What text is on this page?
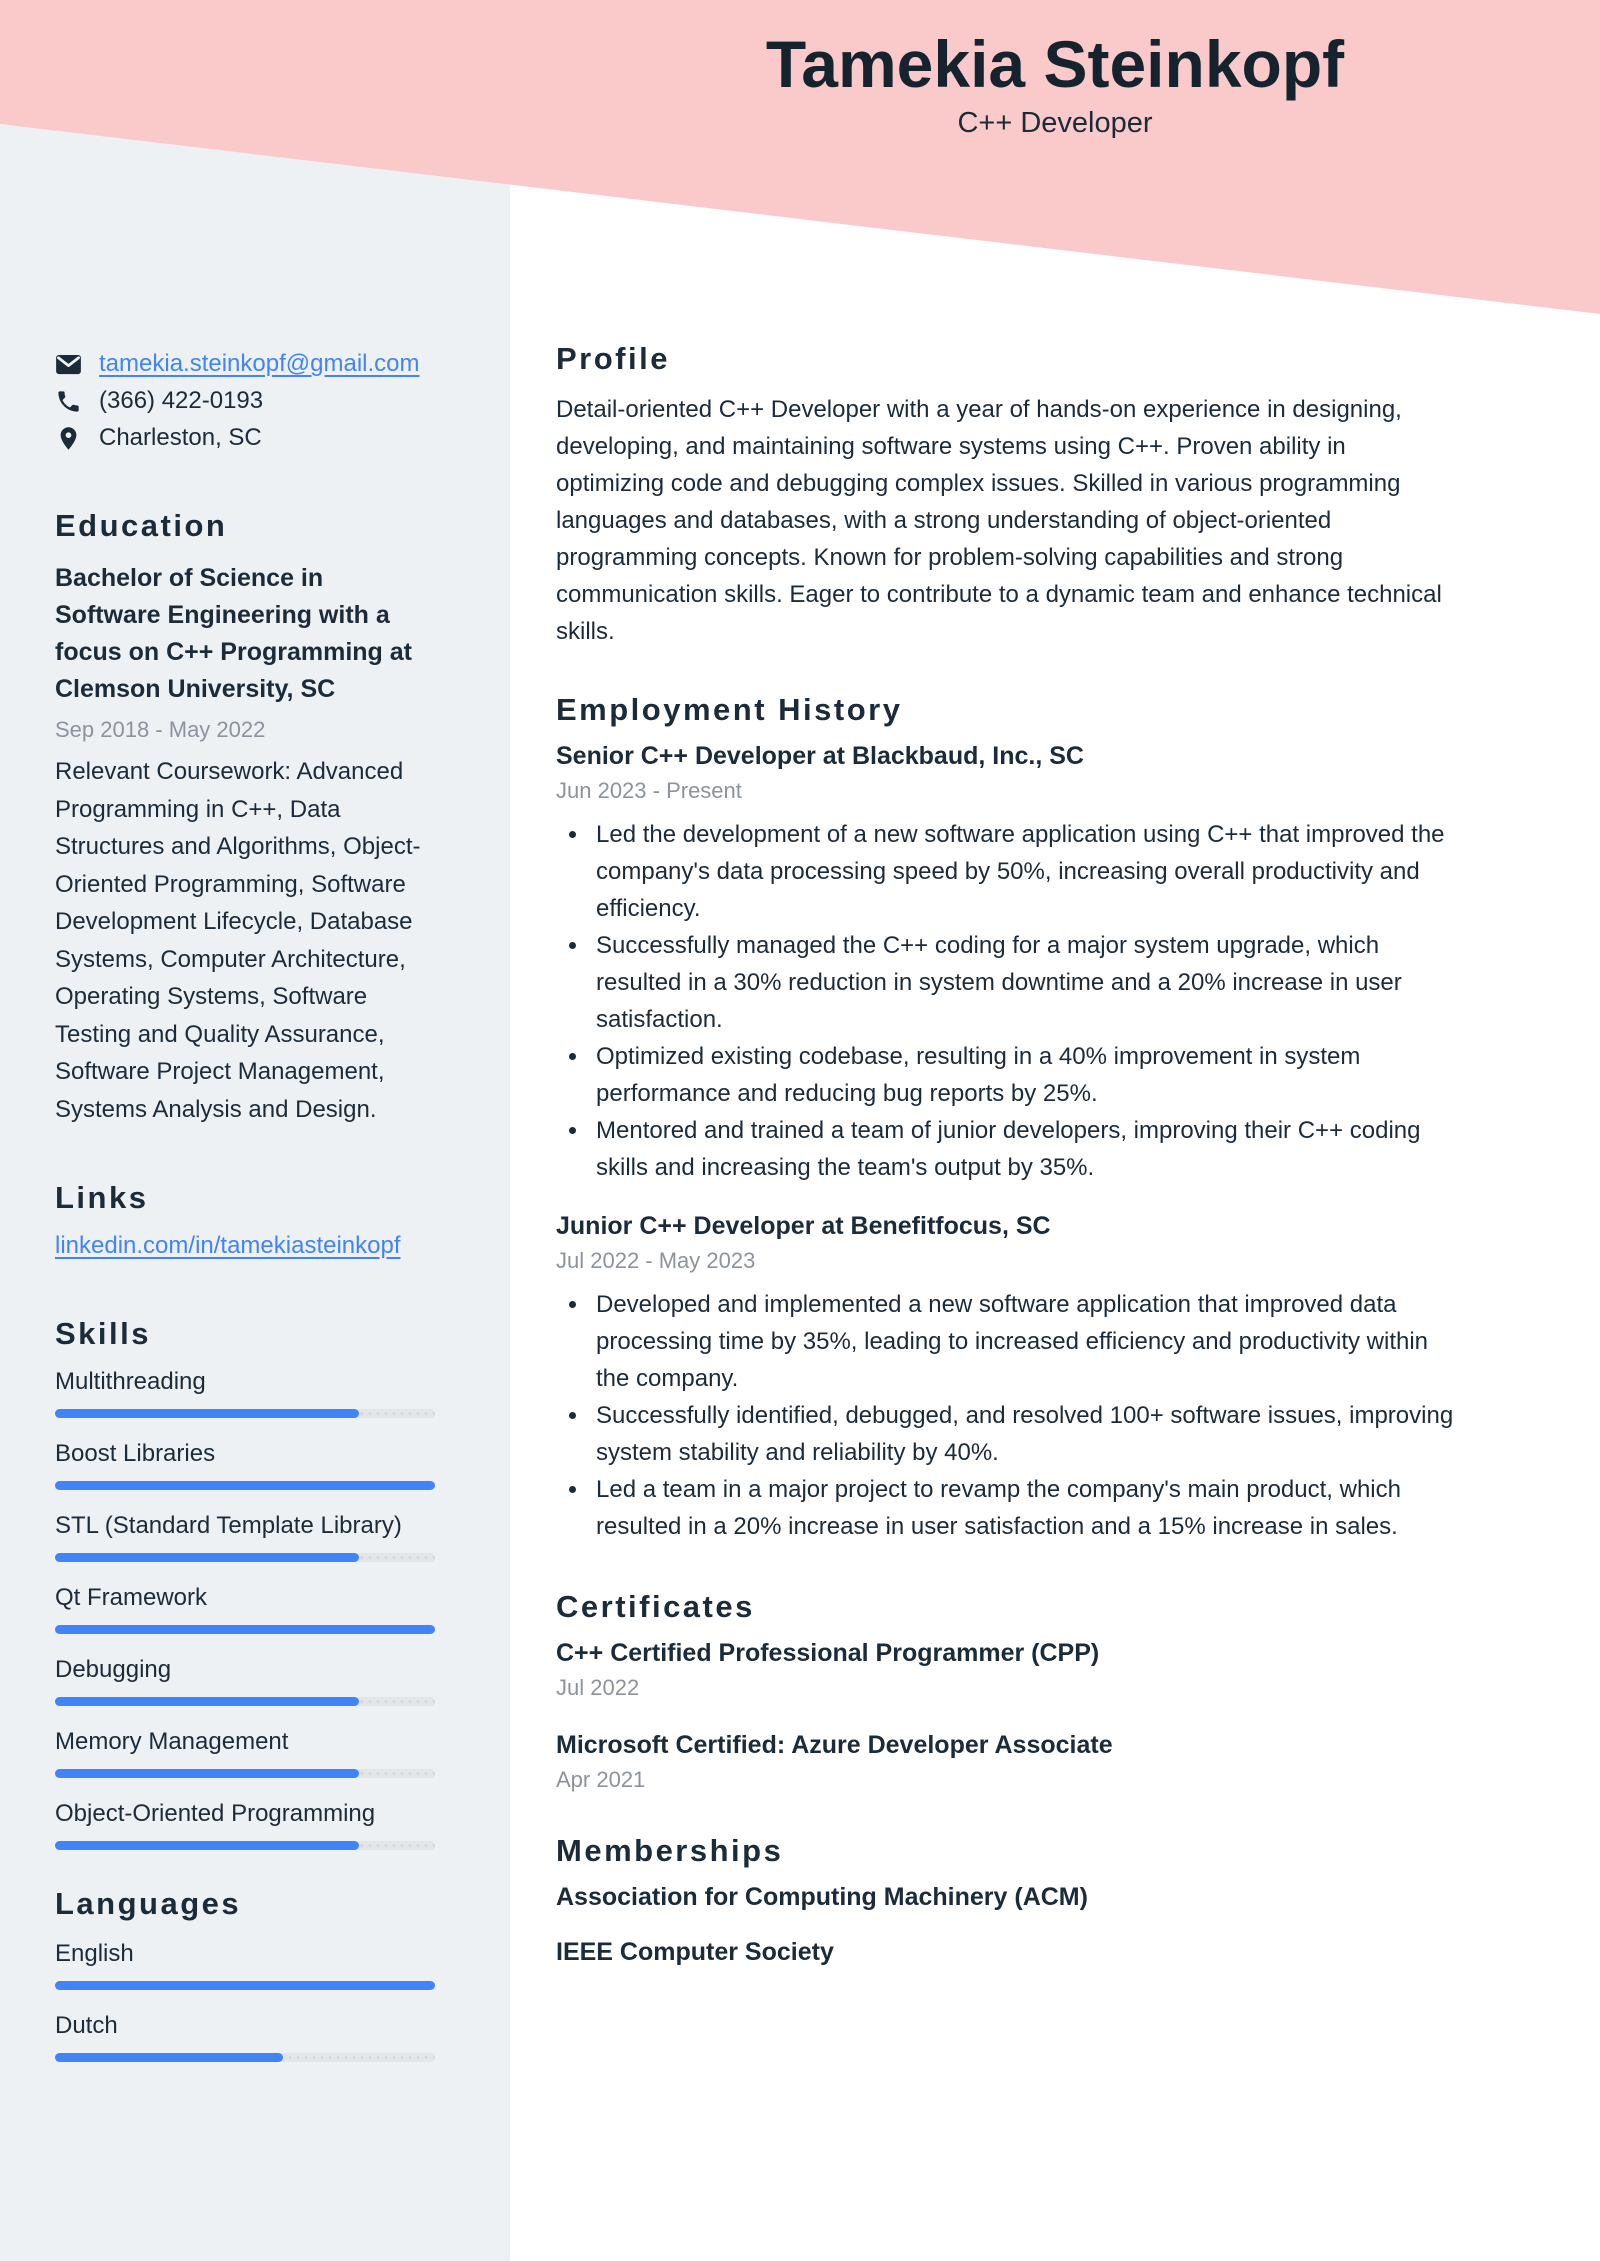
tamekia.steinkopf@gmail.com
(366) 422-0193
Charleston, SC
Education

Bachelor of Science in Software Engineering with a focus on C++ Programming at Clemson University, SC

Sep 2018 - May 2022

Relevant Coursework: Advanced Programming in C++, Data Structures and Algorithms, Object-Oriented Programming, Software Development Lifecycle, Database Systems, Computer Architecture, Operating Systems, Software Testing and Quality Assurance, Software Project Management, Systems Analysis and Design.

Links
linkedin.com/in/tamekiasteinkopf
Skills
Multithreading
Boost Libraries
STL (Standard Template Library)
Qt Framework
Debugging
Memory Management
Object-Oriented Programming
Languages
English
Dutch
Tamekia Steinkopf
C++ Developer
Profile

Detail-oriented C++ Developer with a year of hands-on experience in designing, developing, and maintaining software systems using C++. Proven ability in optimizing code and debugging complex issues. Skilled in various programming languages and databases, with a strong understanding of object-oriented programming concepts. Known for problem-solving capabilities and strong communication skills. Eager to contribute to a dynamic team and enhance technical skills.

Employment History

Senior C++ Developer at Blackbaud, Inc., SC

Jun 2023 - Present

• Led the development of a new software application using C++ that improved the company's data processing speed by 50%, increasing overall productivity and efficiency.
• Successfully managed the C++ coding for a major system upgrade, which resulted in a 30% reduction in system downtime and a 20% increase in user satisfaction.
• Optimized existing codebase, resulting in a 40% improvement in system performance and reducing bug reports by 25%.
• Mentored and trained a team of junior developers, improving their C++ coding skills and increasing the team's output by 35%.

Junior C++ Developer at Benefitfocus, SC

Jul 2022 - May 2023

• Developed and implemented a new software application that improved data processing time by 35%, leading to increased efficiency and productivity within the company.
• Successfully identified, debugged, and resolved 100+ software issues, improving system stability and reliability by 40%.
• Led a team in a major project to revamp the company's main product, which resulted in a 20% increase in user satisfaction and a 15% increase in sales.
Certificates

C++ Certified Professional Programmer (CPP)

Jul 2022

Microsoft Certified: Azure Developer Associate

Apr 2021

Memberships

Association for Computing Machinery (ACM)

IEEE Computer Society
